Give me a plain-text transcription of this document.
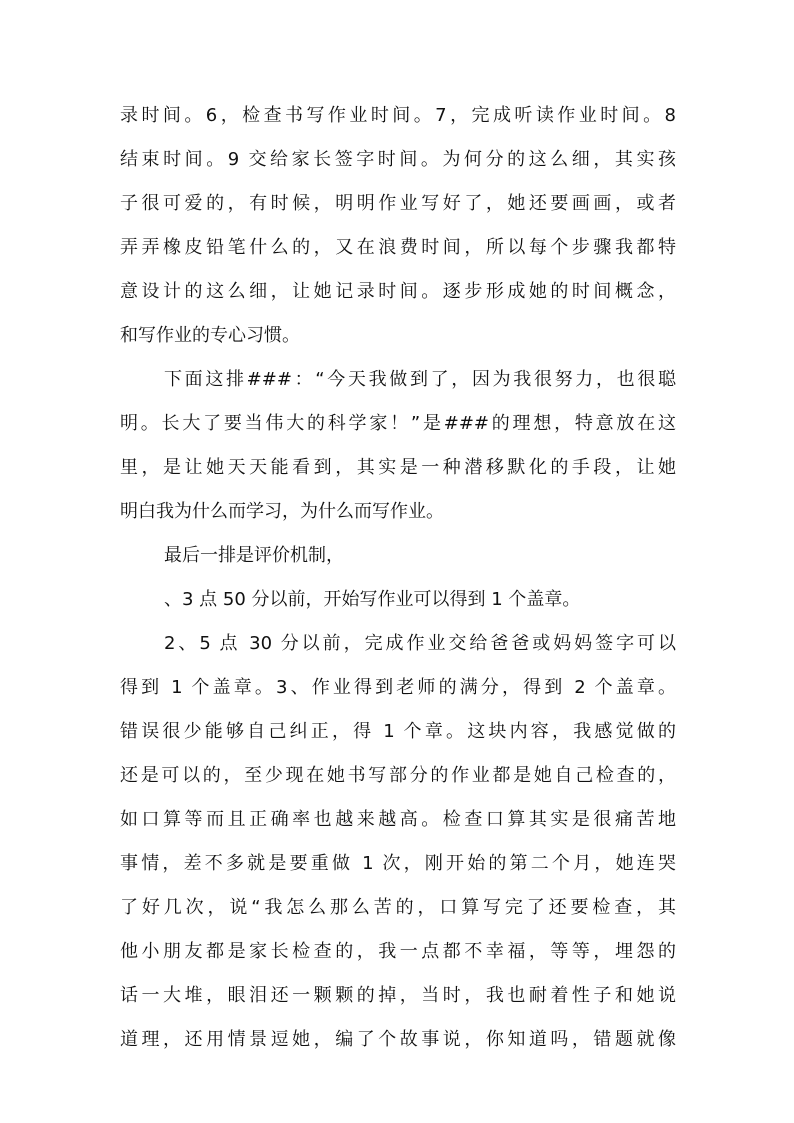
录时间。6，检查书写作业时间。7，完成听读作业时间。8
结束时间。9 交给家长签字时间。为何分的这么细，其实孩
子很可爱的，有时候，明明作业写好了，她还要画画，或者
弄弄橡皮铅笔什么的，又在浪费时间，所以每个步骤我都特
意设计的这么细，让她记录时间。逐步形成她的时间概念，
和写作业的专心习惯。
下面这排###：“今天我做到了，因为我很努力，也很聪
明。长大了要当伟大的科学家！”是###的理想，特意放在这
里，是让她天天能看到，其实是一种潜移默化的手段，让她
明白我为什么而学习，为什么而写作业。
最后一排是评价机制，
、3 点 50 分以前，开始写作业可以得到 1 个盖章。
2、5 点 30 分以前，完成作业交给爸爸或妈妈签字可以
得到 1 个盖章。3、作业得到老师的满分，得到 2 个盖章。
错误很少能够自己纠正，得 1 个章。这块内容，我感觉做的
还是可以的，至少现在她书写部分的作业都是她自己检查的，
如口算等而且正确率也越来越高。检查口算其实是很痛苦地
事情，差不多就是要重做 1 次，刚开始的第二个月，她连哭
了好几次，说“我怎么那么苦的，口算写完了还要检查，其
他小朋友都是家长检查的，我一点都不幸福，等等，埋怨的
话一大堆，眼泪还一颗颗的掉，当时，我也耐着性子和她说
道理，还用情景逗她，编了个故事说，你知道吗，错题就像
